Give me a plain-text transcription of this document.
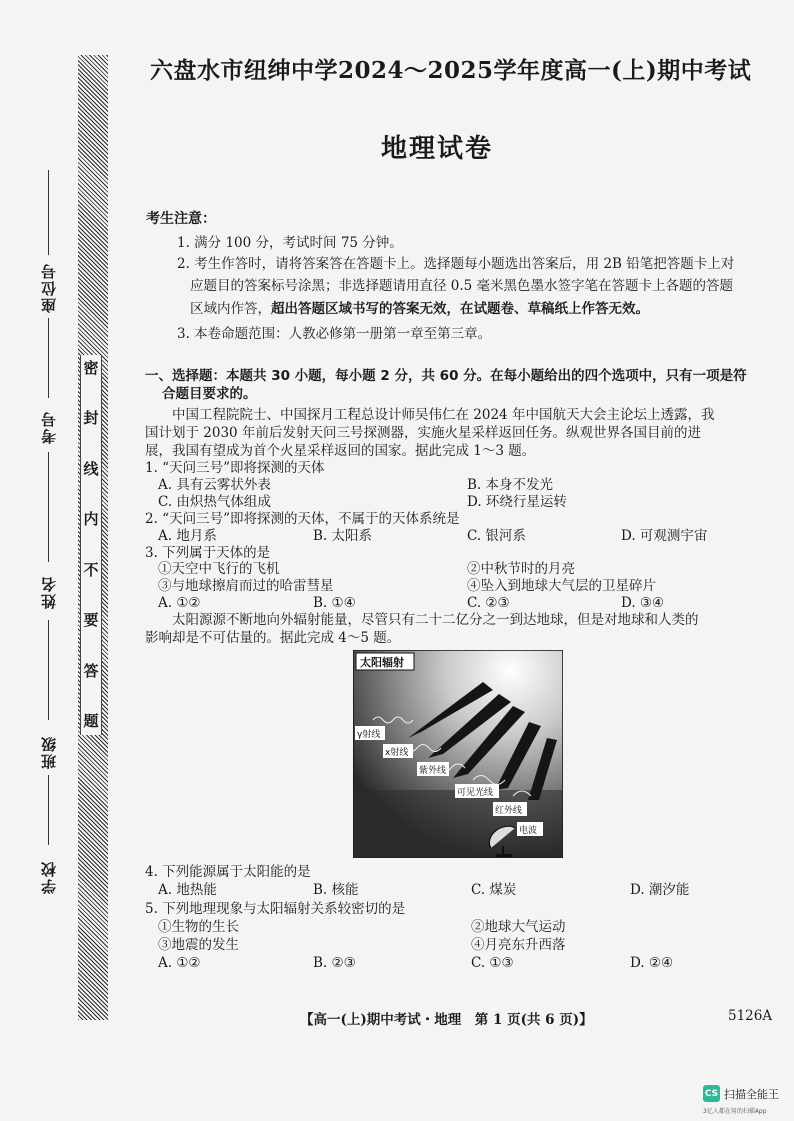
密
封
线
内
不
要
答
题
座位号
考号
姓名
班级
学校
六盘水市纽绅中学2024～2025学年度高一(上)期中考试
地理试卷
考生注意：
1. 满分 100 分，考试时间 75 分钟。
2. 考生作答时，请将答案答在答题卡上。选择题每小题选出答案后，用 2B 铅笔把答题卡上对
应题目的答案标号涂黑；非选择题请用直径 0.5 毫米黑色墨水签字笔在答题卡上各题的答题
区域内作答，超出答题区域书写的答案无效，在试题卷、草稿纸上作答无效。
3. 本卷命题范围：人教必修第一册第一章至第三章。
一、选择题：本题共 30 小题，每小题 2 分，共 60 分。在每小题给出的四个选项中，只有一项是符
合题目要求的。
中国工程院院士、中国探月工程总设计师吴伟仁在 2024 年中国航天大会主论坛上透露，我
国计划于 2030 年前后发射天问三号探测器，实施火星采样返回任务。纵观世界各国目前的进
展，我国有望成为首个火星采样返回的国家。据此完成 1～3 题。
1. “天问三号”即将探测的天体
A. 具有云雾状外表	B. 本身不发光
C. 由炽热气体组成	D. 环绕行星运转
2. “天问三号”即将探测的天体，不属于的天体系统是
A. 地月系	B. 太阳系	C. 银河系	D. 可观测宇宙
3. 下列属于天体的是
①天空中飞行的飞机	②中秋节时的月亮
③与地球擦肩而过的哈雷彗星	④坠入到地球大气层的卫星碎片
A. ①②	B. ①④	C. ②③	D. ③④
太阳源源不断地向外辐射能量，尽管只有二十二亿分之一到达地球，但是对地球和人类的
影响却是不可估量的。据此完成 4～5 题。
太阳辐射
γ射线
x射线
紫外线
可见光线
红外线
电波
4. 下列能源属于太阳能的是
A. 地热能	B. 核能	C. 煤炭	D. 潮汐能
5. 下列地理现象与太阳辐射关系较密切的是
①生物的生长	②地球大气运动
③地震的发生	④月亮东升西落
A. ①②	B. ②③	C. ①③	D. ②④
【高一(上)期中考试・地理　第 1 页(共 6 页)】	5126A
CS 扫描全能王
3亿人都在用的扫描App
